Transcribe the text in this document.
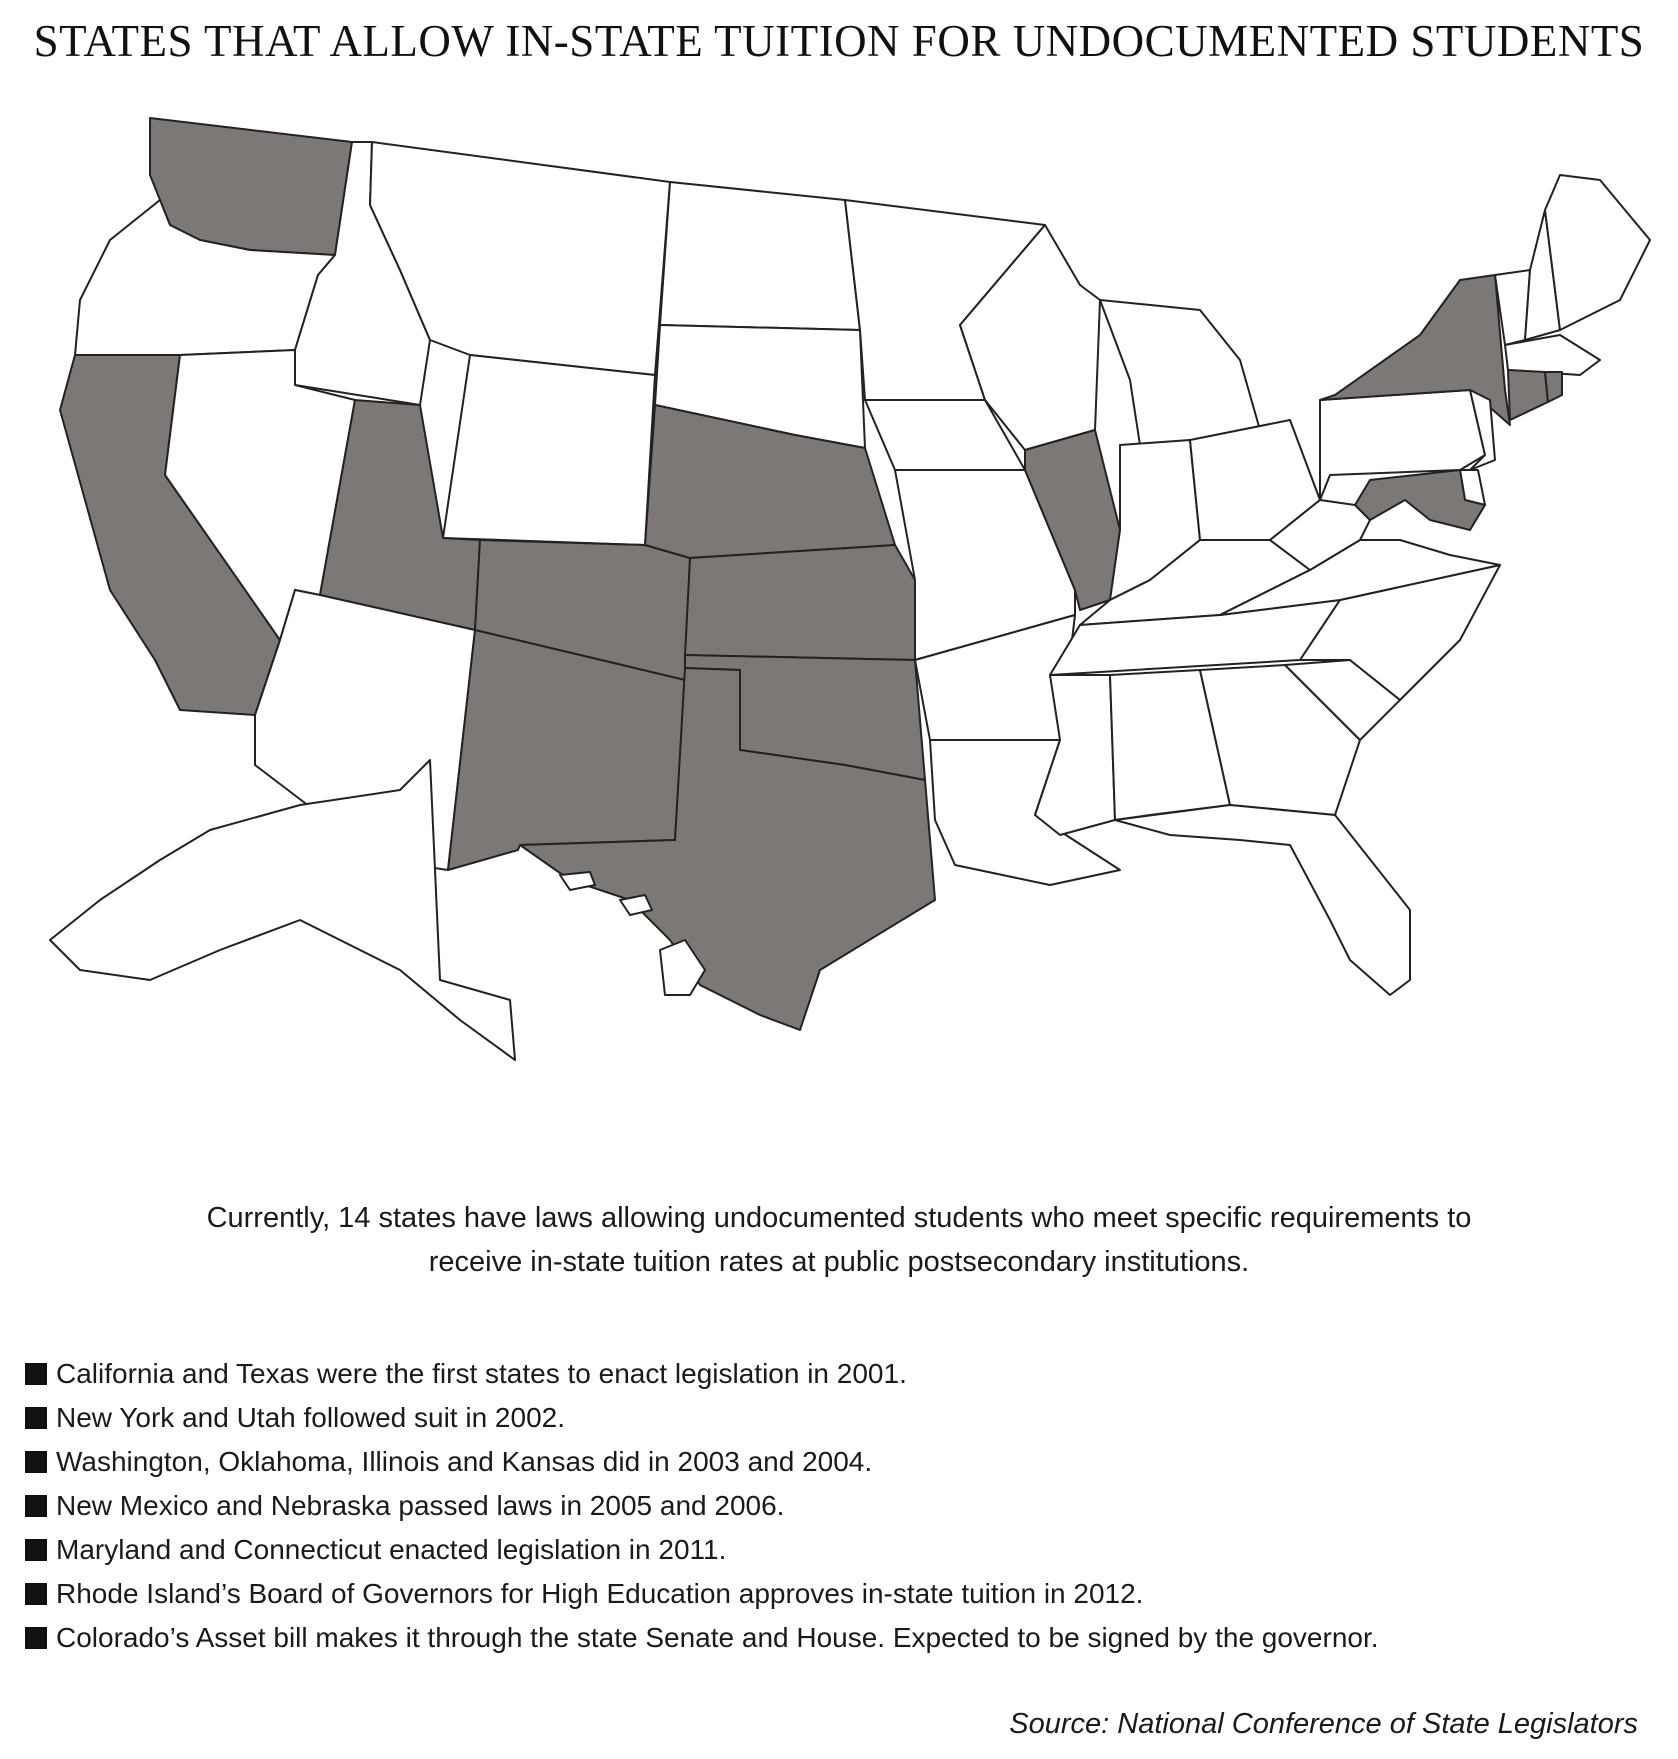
STATES THAT ALLOW IN-STATE TUITION FOR UNDOCUMENTED STUDENTS
Currently, 14 states have laws allowing undocumented students who meet specific requirements to receive in-state tuition rates at public postsecondary institutions.
California and Texas were the first states to enact legislation in 2001.
New York and Utah followed suit in 2002.
Washington, Oklahoma, Illinois and Kansas did in 2003 and 2004.
New Mexico and Nebraska passed laws in 2005 and 2006.
Maryland and Connecticut enacted legislation in 2011.
Rhode Island’s Board of Governors for High Education approves in-state tuition in 2012.
Colorado’s Asset bill makes it through the state Senate and House. Expected to be signed by the governor.
Source: National Conference of State Legislators
